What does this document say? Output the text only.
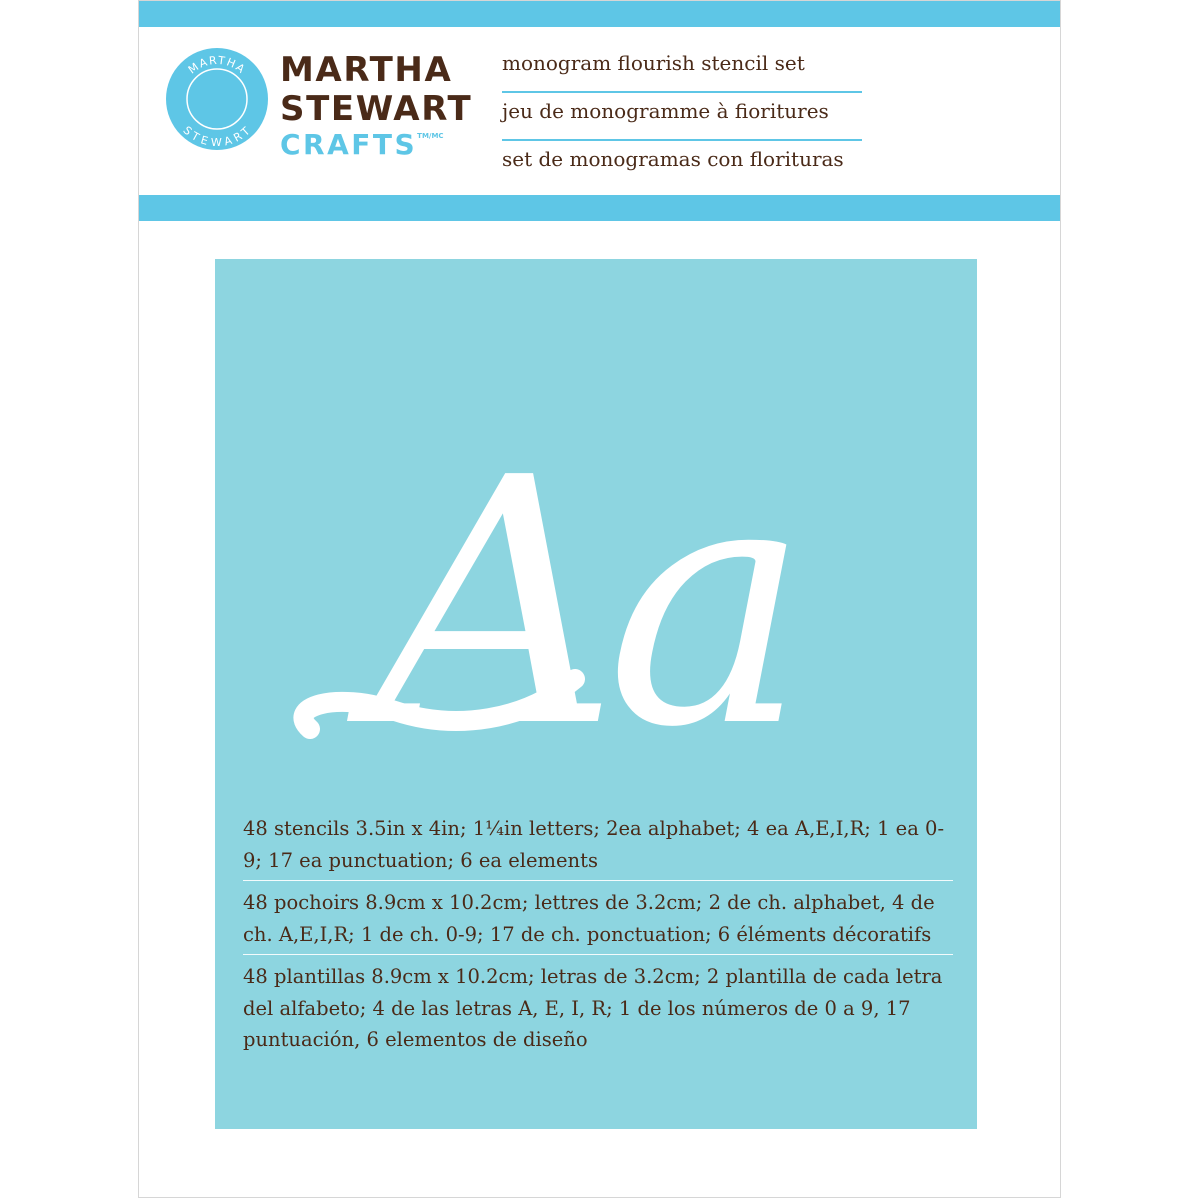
MARTHA
STEWART
MARTHA
STEWART
$CRAFTS^{TM/MC}$
monogram flourish stencil set
jeu de monogramme à fioritures
set de monogramas con florituras
Aa
48 stencils 3.5in x 4in; 1¼in letters; 2ea alphabet; 4 ea A,E,I,R; 1 ea 0-9; 17 ea punctuation; 6 ea elements
48 pochoirs 8.9cm x 10.2cm; lettres de 3.2cm; 2 de ch. alphabet, 4 de ch. A,E,I,R; 1 de ch. 0-9; 17 de ch. ponctuation; 6 éléments décoratifs
48 plantillas 8.9cm x 10.2cm; letras de 3.2cm; 2 plantilla de cada letra del alfabeto; 4 de las letras A, E, I, R; 1 de los números de 0 a 9, 17 puntuación, 6 elementos de diseño
